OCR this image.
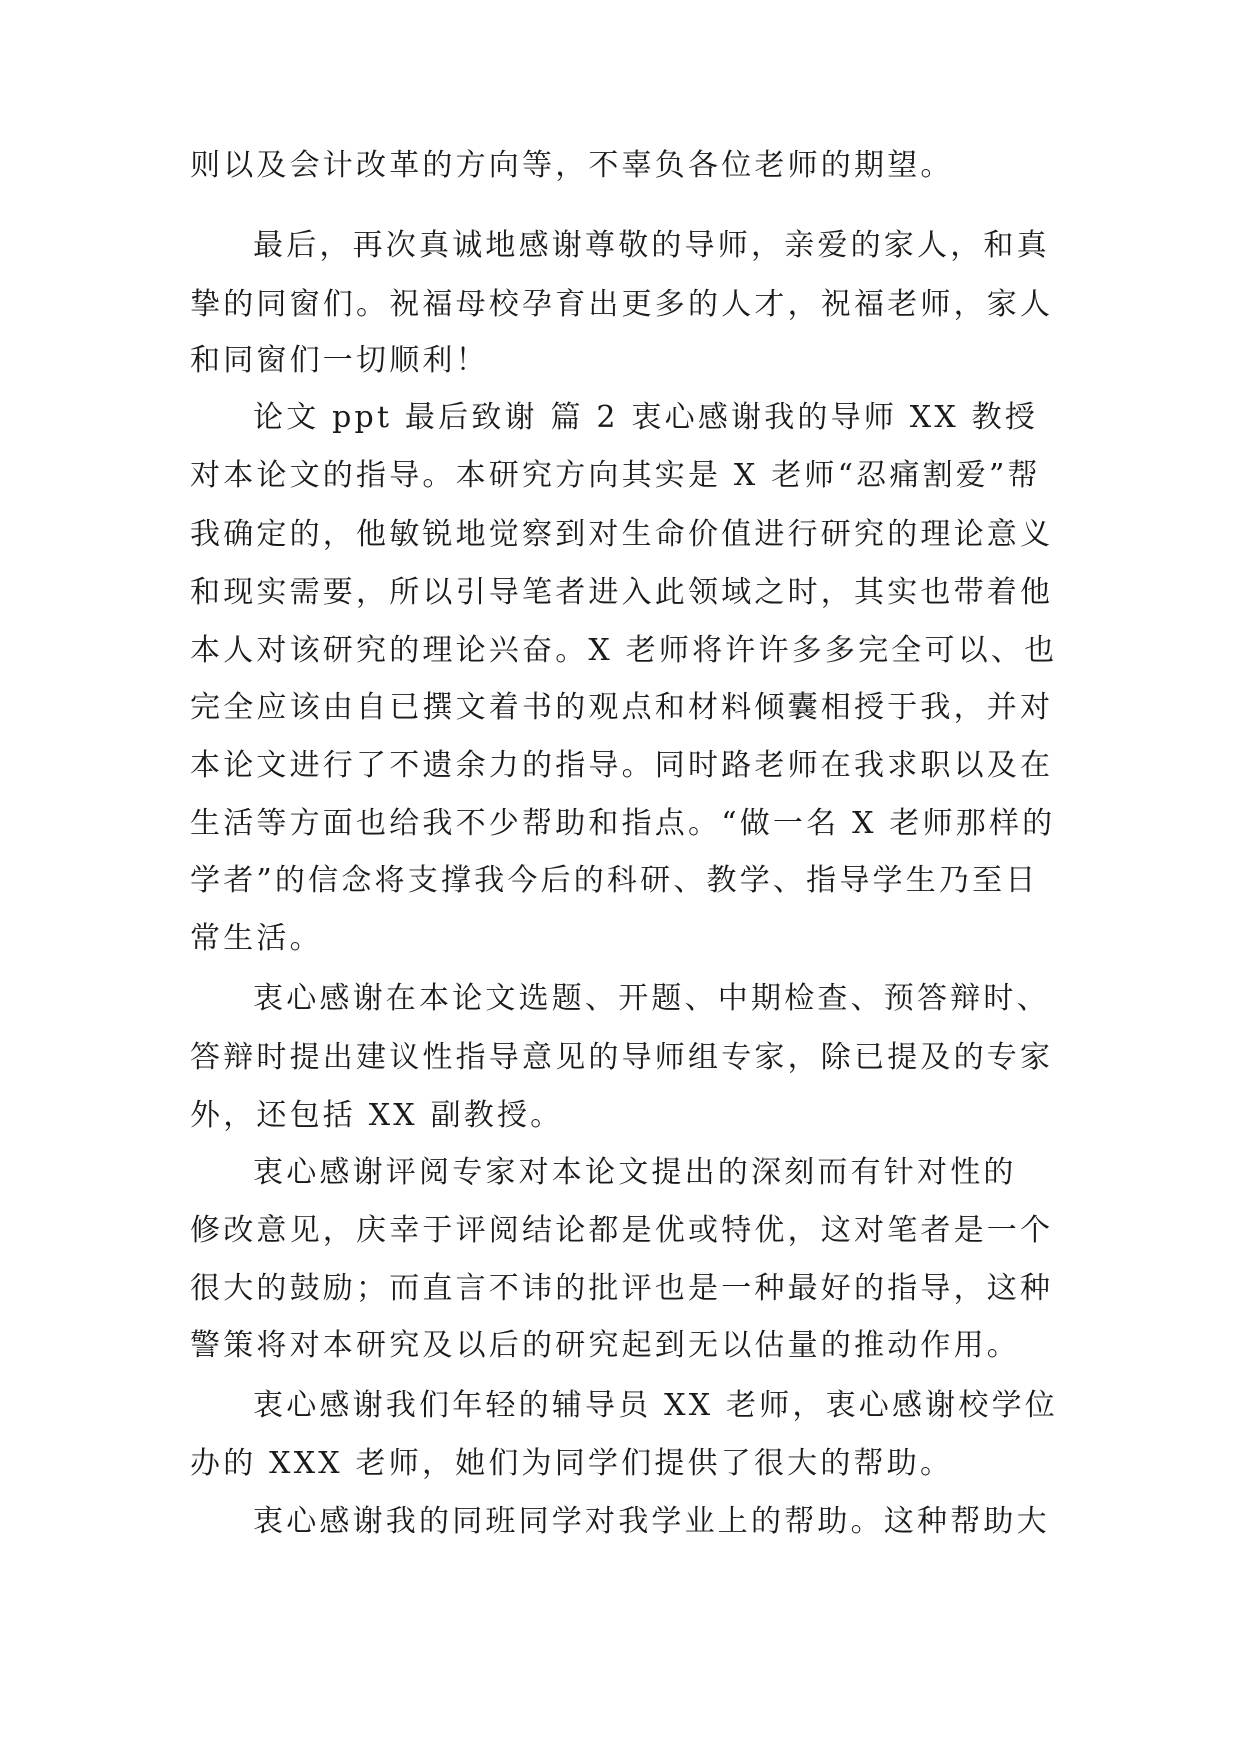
则以及会计改革的方向等，不辜负各位老师的期望。
最后，再次真诚地感谢尊敬的导师，亲爱的家人，和真
挚的同窗们。祝福母校孕育出更多的人才，祝福老师，家人
和同窗们一切顺利！
论文 ppt 最后致谢 篇 2 衷心感谢我的导师 XX 教授
对本论文的指导。本研究方向其实是 X 老师“忍痛割爱”帮
我确定的，他敏锐地觉察到对生命价值进行研究的理论意义
和现实需要，所以引导笔者进入此领域之时，其实也带着他
本人对该研究的理论兴奋。X 老师将许许多多完全可以、也
完全应该由自已撰文着书的观点和材料倾囊相授于我，并对
本论文进行了不遗余力的指导。同时路老师在我求职以及在
生活等方面也给我不少帮助和指点。“做一名 X 老师那样的
学者”的信念将支撑我今后的科研、教学、指导学生乃至日
常生活。
衷心感谢在本论文选题、开题、中期检查、预答辩时、
答辩时提出建议性指导意见的导师组专家，除已提及的专家
外，还包括 XX 副教授。
衷心感谢评阅专家对本论文提出的深刻而有针对性的
修改意见，庆幸于评阅结论都是优或特优，这对笔者是一个
很大的鼓励；而直言不讳的批评也是一种最好的指导，这种
警策将对本研究及以后的研究起到无以估量的推动作用。
衷心感谢我们年轻的辅导员 XX 老师，衷心感谢校学位
办的 XXX 老师，她们为同学们提供了很大的帮助。
衷心感谢我的同班同学对我学业上的帮助。这种帮助大
